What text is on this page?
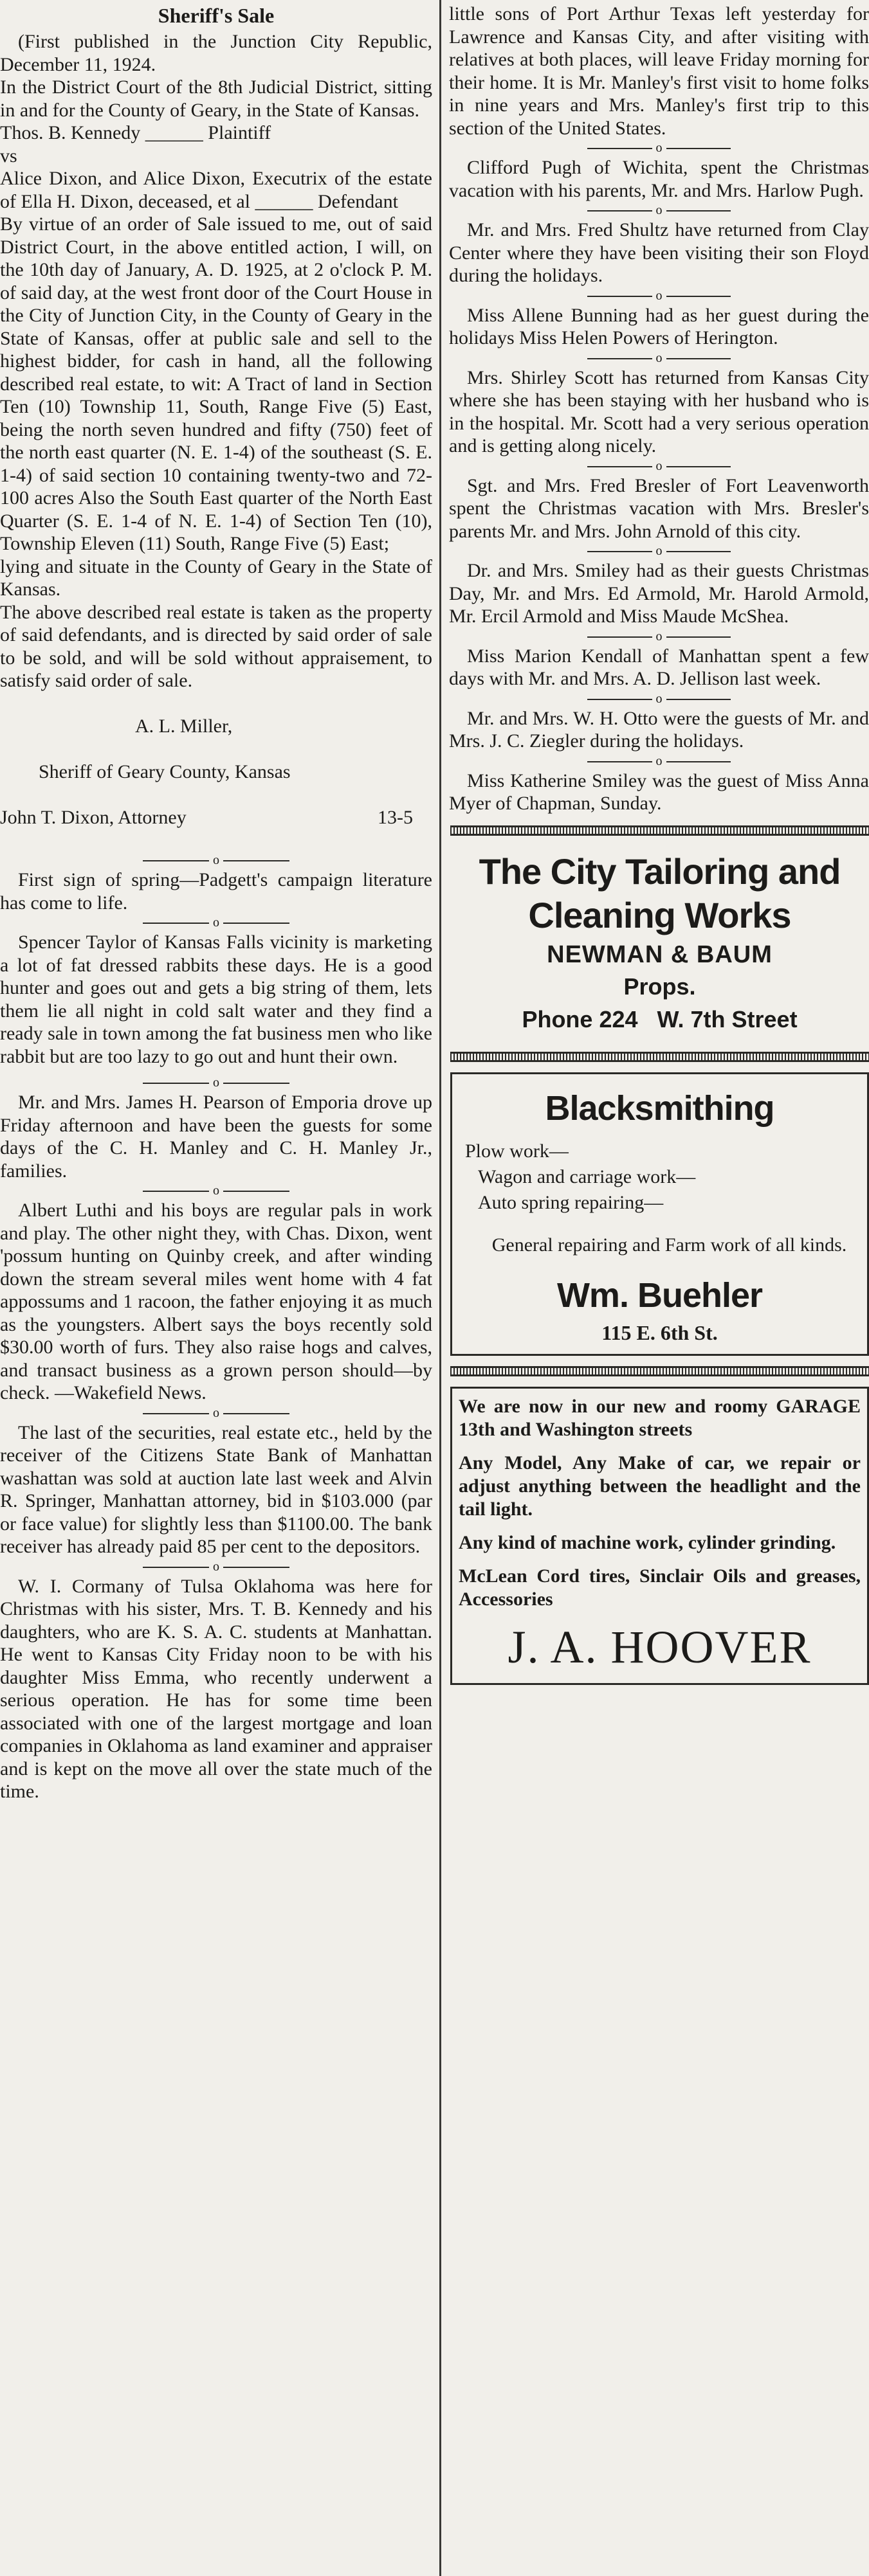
Sheriff's Sale

(First published in the Junction City Republic, December 11, 1924.
In the District Court of the 8th Judicial District, sitting in and for the County of Geary, in the State of Kansas.
Thos. B. Kennedy ______ Plaintiff
vs
Alice Dixon, and Alice Dixon, Executrix of the estate of Ella H. Dixon, deceased, et al ______ Defendant
By virtue of an order of Sale issued to me, out of said District Court, in the above entitled action, I will, on the 10th day of January, A. D. 1925, at 2 o'clock P. M. of said day, at the west front door of the Court House in the City of Junction City, in the County of Geary in the State of Kansas, offer at public sale and sell to the highest bidder, for cash in hand, all the following described real estate, to wit: A Tract of land in Section Ten (10) Township 11, South, Range Five (5) East, being the north seven hundred and fifty (750) feet of the north east quarter (N. E. 1-4) of the southeast (S. E. 1-4) of said section 10 containing twenty-two and 72-100 acres Also the South East quarter of the North East Quarter (S. E. 1-4 of N. E. 1-4) of Section Ten (10), Township Eleven (11) South, Range Five (5) East;
lying and situate in the County of Geary in the State of Kansas.
The above described real estate is taken as the property of said defendants, and is directed by said order of sale to be sold, and will be sold without appraisement, to satisfy said order of sale.

A. L. Miller,

Sheriff of Geary County, Kansas

John T. Dixon, Attorney	13-5

o

First sign of spring—Padgett's campaign literature has come to life.

o

Spencer Taylor of Kansas Falls vicinity is marketing a lot of fat dressed rabbits these days. He is a good hunter and goes out and gets a big string of them, lets them lie all night in cold salt water and they find a ready sale in town among the fat business men who like rabbit but are too lazy to go out and hunt their own.

o

Mr. and Mrs. James H. Pearson of Emporia drove up Friday afternoon and have been the guests for some days of the C. H. Manley and C. H. Manley Jr., families.

o

Albert Luthi and his boys are regular pals in work and play. The other night they, with Chas. Dixon, went 'possum hunting on Quinby creek, and after winding down the stream several miles went home with 4 fat appossums and 1 racoon, the father enjoying it as much as the youngsters. Albert says the boys recently sold $30.00 worth of furs. They also raise hogs and calves, and transact business as a grown person should—by check. —Wakefield News.

o

The last of the securities, real estate etc., held by the receiver of the Citizens State Bank of Manhattan washattan was sold at auction late last week and Alvin R. Springer, Manhattan attorney, bid in $103.000 (par or face value) for slightly less than $1100.00. The bank receiver has already paid 85 per cent to the depositors.

o

W. I. Cormany of Tulsa Oklahoma was here for Christmas with his sister, Mrs. T. B. Kennedy and his daughters, who are K. S. A. C. students at Manhattan. He went to Kansas City Friday noon to be with his daughter Miss Emma, who recently underwent a serious operation. He has for some time been associated with one of the largest mortgage and loan companies in Oklahoma as land examiner and appraiser and is kept on the move all over the state much of the time.

little sons of Port Arthur Texas left yesterday for Lawrence and Kansas City, and after visiting with relatives at both places, will leave Friday morning for their home. It is Mr. Manley's first visit to home folks in nine years and Mrs. Manley's first trip to this section of the United States.

o

Clifford Pugh of Wichita, spent the Christmas vacation with his parents, Mr. and Mrs. Harlow Pugh.

o

Mr. and Mrs. Fred Shultz have returned from Clay Center where they have been visiting their son Floyd during the holidays.

o

Miss Allene Bunning had as her guest during the holidays Miss Helen Powers of Herington.

o

Mrs. Shirley Scott has returned from Kansas City where she has been staying with her husband who is in the hospital. Mr. Scott had a very serious operation and is getting along nicely.

o

Sgt. and Mrs. Fred Bresler of Fort Leavenworth spent the Christmas vacation with Mrs. Bresler's parents Mr. and Mrs. John Arnold of this city.

o

Dr. and Mrs. Smiley had as their guests Christmas Day, Mr. and Mrs. Ed Armold, Mr. Harold Armold, Mr. Ercil Armold and Miss Maude McShea.

o

Miss Marion Kendall of Manhattan spent a few days with Mr. and Mrs. A. D. Jellison last week.

o

Mr. and Mrs. W. H. Otto were the guests of Mr. and Mrs. J. C. Ziegler during the holidays.

o

Miss Katherine Smiley was the guest of Miss Anna Myer of Chapman, Sunday.

The City Tailoring and
Cleaning Works
NEWMAN & BAUM
Props.
Phone 224   W. 7th Street
Blacksmithing
Plow work—
Wagon and carriage work—
Auto spring repairing—

General repairing and Farm work of all kinds.

Wm. Buehler
115 E. 6th St.

We are now in our new and roomy GARAGE 13th and Washington streets

Any Model, Any Make of car, we repair or adjust anything between the headlight and the tail light.

Any kind of machine work, cylinder grinding.

McLean Cord tires, Sinclair Oils and greases, Accessories

J. A. HOOVER
